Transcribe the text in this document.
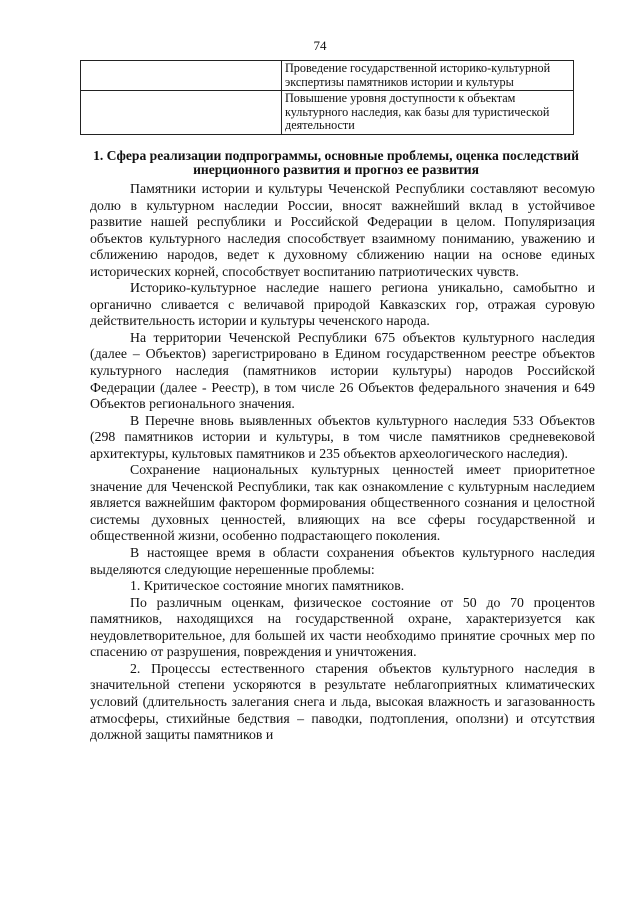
74
	Проведение государственной историко-культурной экспертизы памятников истории и культуры
	Повышение уровня доступности к объектам культурного наследия, как базы для туристической деятельности
1. Сфера реализации подпрограммы, основные проблемы, оценка последствий инерционного развития и прогноз ее развития

Памятники истории и культуры Чеченской Республики составляют весомую долю в культурном наследии России, вносят важнейший вклад в устойчивое развитие нашей республики и Российской Федерации в целом. Популяризация объектов культурного наследия способствует взаимному пониманию, уважению и сближению народов, ведет к духовному сближению нации на основе единых исторических корней, способствует воспитанию патриотических чувств.

Историко-культурное наследие нашего региона уникально, самобытно и органично сливается с величавой природой Кавказских гор, отражая суровую действительность истории и культуры чеченского народа.

На территории Чеченской Республики 675 объектов культурного наследия (далее – Объектов) зарегистрировано в Едином государственном реестре объектов культурного наследия (памятников истории культуры) народов Российской Федерации (далее - Реестр), в том числе 26 Объектов федерального значения и 649 Объектов регионального значения.

В Перечне вновь выявленных объектов культурного наследия 533 Объектов (298 памятников истории и культуры, в том числе памятников средневековой архитектуры, культовых памятников и 235 объектов археологического наследия).

Сохранение национальных культурных ценностей имеет приоритетное значение для Чеченской Республики, так как ознакомление с культурным наследием является важнейшим фактором формирования общественного сознания и целостной системы духовных ценностей, влияющих на все сферы государственной и общественной жизни, особенно подрастающего поколения.

В настоящее время в области сохранения объектов культурного наследия выделяются следующие нерешенные проблемы:

1. Критическое состояние многих памятников.

По различным оценкам, физическое состояние от 50 до 70 процентов памятников, находящихся на государственной охране, характеризуется как неудовлетворительное, для большей их части необходимо принятие срочных мер по спасению от разрушения, повреждения и уничтожения.

2. Процессы естественного старения объектов культурного наследия в значительной степени ускоряются в результате неблагоприятных климатических условий (длительность залегания снега и льда, высокая влажность и загазованность атмосферы, стихийные бедствия – паводки, подтопления, оползни) и отсутствия должной защиты памятников и
